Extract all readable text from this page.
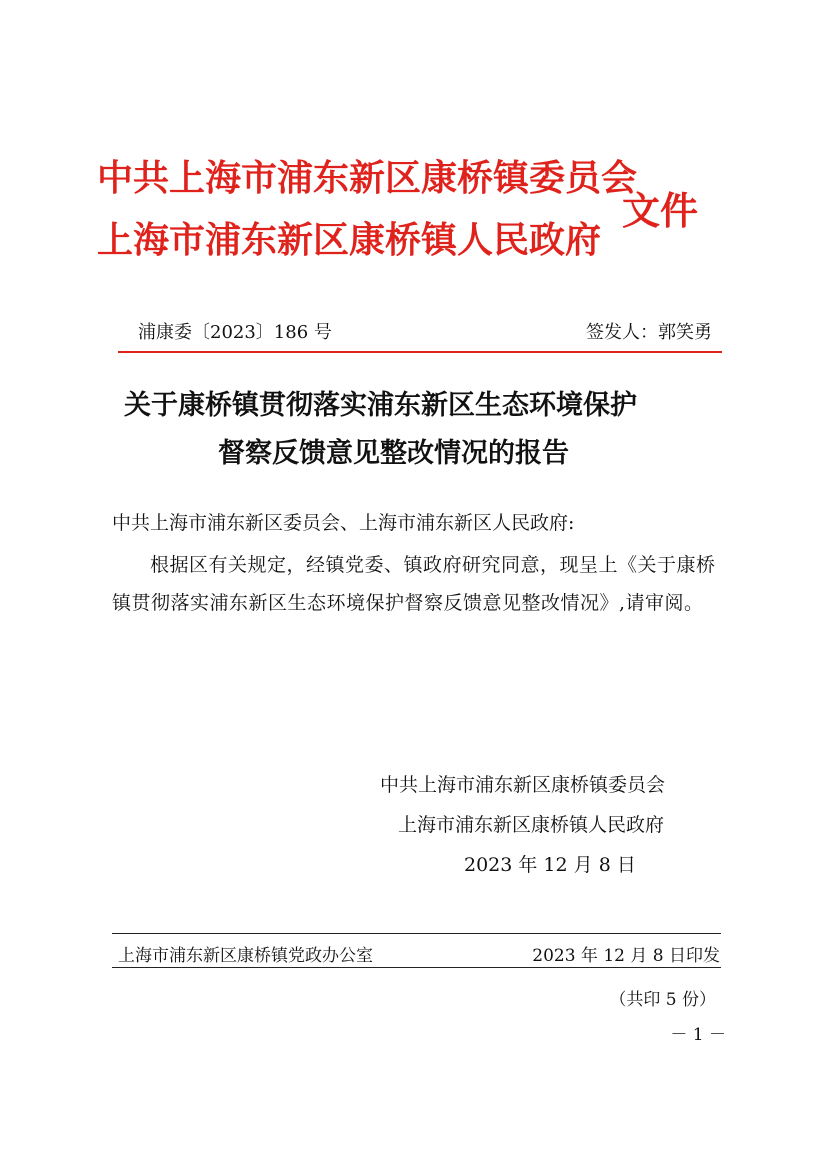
中共上海市浦东新区康桥镇委员会
上海市浦东新区康桥镇人民政府
文件
浦康委〔2023〕186 号	签发人：郭笑勇
关于康桥镇贯彻落实浦东新区生态环境保护
督察反馈意见整改情况的报告
中共上海市浦东新区委员会、上海市浦东新区人民政府:
根据区有关规定，经镇党委、镇政府研究同意，现呈上《关于康桥镇贯彻落实浦东新区生态环境保护督察反馈意见整改情况》,请审阅。
中共上海市浦东新区康桥镇委员会
上海市浦东新区康桥镇人民政府
2023 年 12 月 8 日
上海市浦东新区康桥镇党政办公室	2023 年 12 月 8 日印发
（共印 5 份）
－ 1 －
